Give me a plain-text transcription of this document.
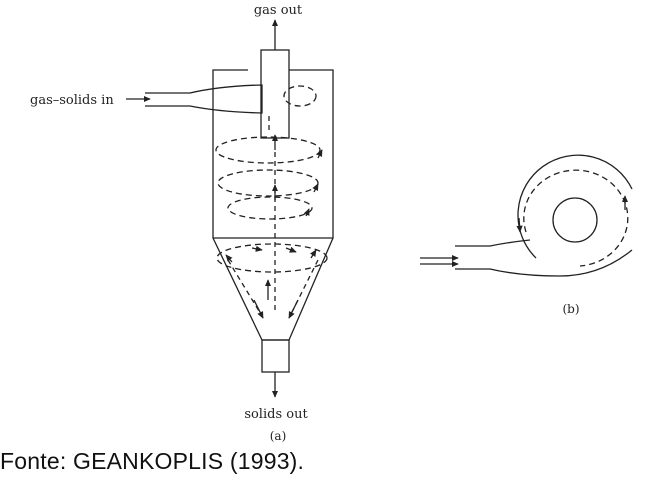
gas out
gas–solids in
solids out
(a)
(b)
Fonte: GEANKOPLIS (1993).
